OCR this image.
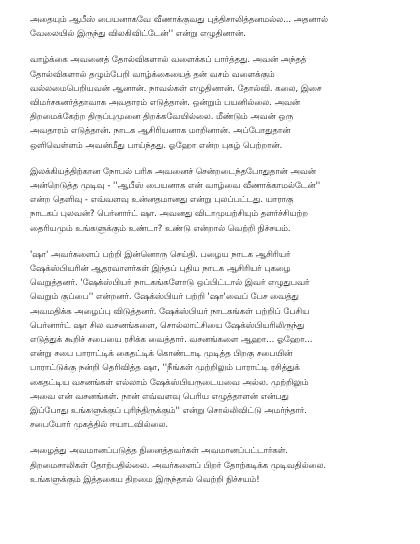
அதையும் ஆபீஸ் பையனாகவே வீணாக்குவது புத்திசாலித்தனமல்ல... அதனால்
வேலையில் இருந்து விலகிவிட்டேன்'' என்று எழுதினான்.

வாழ்க்கை அவனைத் தோல்விகளால் வளைக்கப் பார்த்தது. அவன் அந்தத்
தோல்விகளால் தழும்பேறி வாழ்க்கையைத் தன் வசம் வளைக்கும்
வல்லமைபெறியவன் ஆனான். நாவல்கள் எழுதினான். தோல்வி. கலை, இசை
விமர்சகனர்த்தாவாக அவதாரம் எடுத்தான். ஒன்றும் பயனில்லை. அவன்
திறமைக்கேற்ற திருப்புமுனை திறக்கவேயில்லை. மீண்டும் அவன் ஒரு
அவதாரம் எடுத்தான். நாடக ஆசிரியனாக மாறினான். அப்போதுதான்
ஒளிவெள்ளம் அவன்மீது பாய்ந்தது. ஓஹோ என்ற புகழ் பெற்றான்.

இலக்கியத்திற்கான நோபல் பரிசு அவனைச் சென்றடைந்தபோதுதான் அவன்
அன்றெடுத்த முடிவு - ''ஆபீஸ் பையனாக என் வாழ்வை வீணாக்காமல்டேன்''
என்ற தெளிவு - எவ்வளவு உன்னதமானது என்று புலப்பட்டது. யாராகு
நாடகப் புலவன்? பெர்னார்ட் ஷா. அவனது விடாமுயற்சியும் தளர்ச்சியற்ற
தைரியமும் உங்களுக்கும் உண்டா? உண்டு என்றால் வெற்றி நிச்சயம்.

'ஷா' அவர்களைப் பற்றி இன்னொரு செய்தி. பழைய நாடக ஆசிரியர்
ஷேக்ஸ்பியரின் ஆதரவாளர்கள் இந்தப் புதிய நாடக ஆசிரியர் புகழை
வெறுத்தனர். 'ஷேக்ஸ்பியர் நாடகங்களோடு ஒப்பிட்டால் இவர் எழுதுபவர்
வெறும் குப்பை'' என்றனர். ஷேக்ஸ்பியர் பற்றி 'ஷா'வைப் பேச வைத்து
அவமதிக்க அழைப்பு விடுத்தனர். ஷேக்ஸ்பியர் நாடகங்கள் பற்றிப் பேசிய
பெர்னார்ட் ஷா சில வசனங்களை, சொல்லாட்சியை ஷேக்ஸ்பியரிலிருந்து
எடுத்துக் கூறிச் சபையை ரசிக்க வைத்தார். வசனங்களை ஆஹா... ஓஹோ...
என்று சபை பாராட்டிக் கைதட்டிக் கொண்டாடி முடித்த பிறகு சபையின்
பாராட்டுக்கு நன்றி தெரிவித்த ஷா, ''நீங்கள் முற்றிலும் பாராட்டி ரசித்துக்
கைதட்டிய வசனங்கள் எல்லாம் ஷேக்ஸ்பியருடையவை அல்ல. முற்றிலும்
அவை என் வசனங்கள். நான் எவ்வளவு பெரிய எழுத்தாளன் என்பது
இப்போது உங்களுக்குப் புரிந்திருக்கும்'' என்று சொல்லிவிட்டு அமர்ந்தார்.
சபையோர் முகத்தில் ஈயாடவில்லை.

அழைத்து அவமானப்படுத்த நினைத்தவர்கள் அவமானப்பட்டார்கள்.
திறமைசாலிகள் தோற்பதில்லை. அவர்களைப் பிறர் தோற்கடிக்க முடிவதில்லை.
உங்களுக்கும் இத்தகைய திறமை இருந்தால் வெற்றி நிச்சயம்!
